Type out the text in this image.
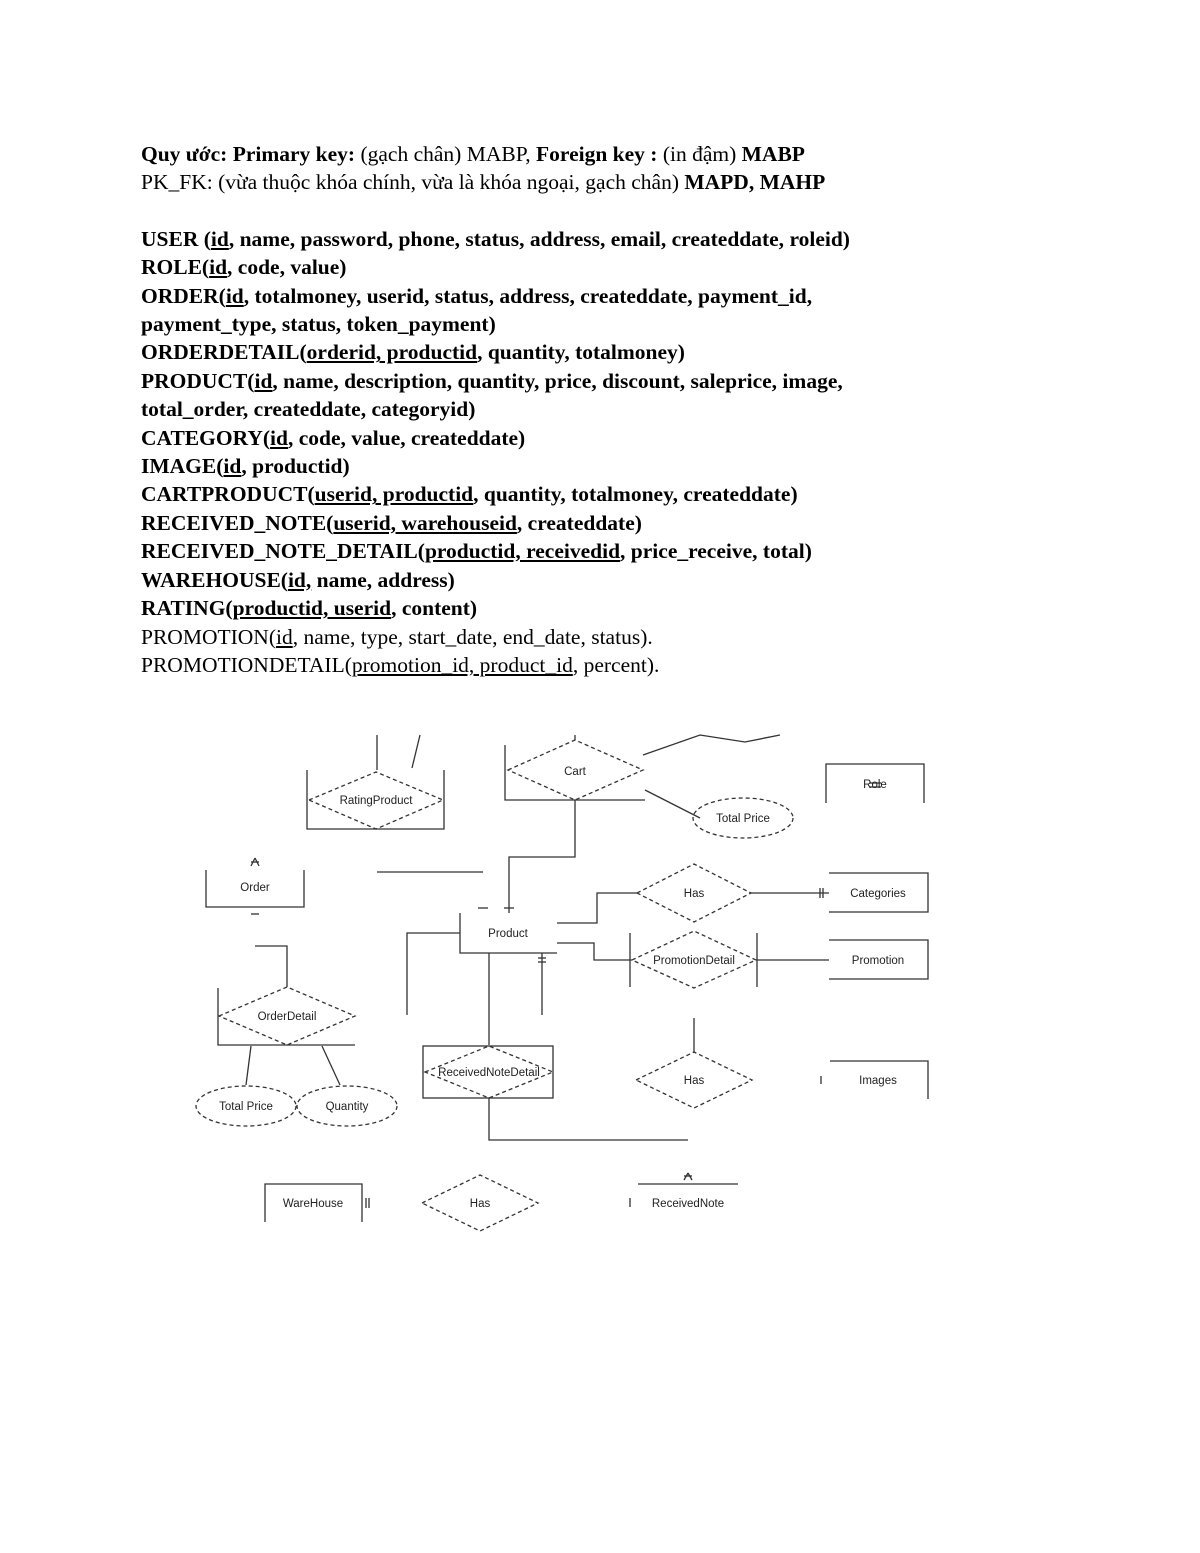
Quy ước: Primary key: (gạch chân) MABP, Foreign key : (in đậm) MABP

PK_FK: (vừa thuộc khóa chính, vừa là khóa ngoại, gạch chân) MAPD, MAHP

USER (id, name, password, phone, status, address, email, createddate, roleid)

ROLE(id, code, value)

ORDER(id, totalmoney, userid, status, address, createddate, payment_id,

payment_type, status, token_payment)

ORDERDETAIL(orderid, productid, quantity, totalmoney)

PRODUCT(id, name, description, quantity, price, discount, saleprice, image,

total_order, createddate, categoryid)

CATEGORY(id, code, value, createddate)

IMAGE(id, productid)

CARTPRODUCT(userid, productid, quantity, totalmoney, createddate)

RECEIVED_NOTE(userid, warehouseid, createddate)

RECEIVED_NOTE_DETAIL(productid, receivedid, price_receive, total)

WAREHOUSE(id, name, address)

RATING(productid, userid, content)

PROMOTION(id, name, type, start_date, end_date, status).

PROMOTIONDETAIL(promotion_id, product_id, percent).

RatingProduct
Cart
Total Price
Role
Order	Has	Categories
Product
PromotionDetail	Promotion
OrderDetail
ReceivedNoteDetail
Has	Images
Total Price	Quantity
WareHouse	Has	ReceivedNote
